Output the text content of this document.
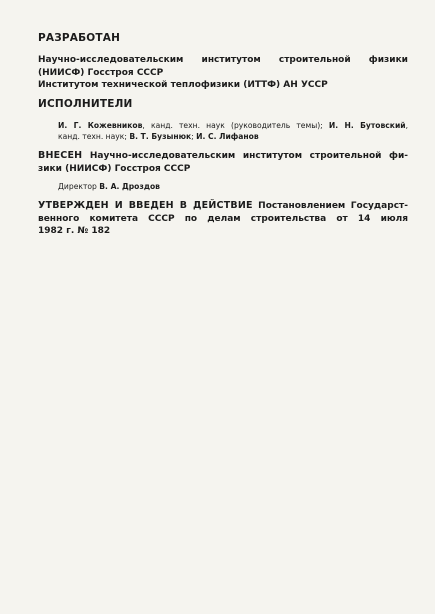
РАЗРАБОТАН
Научно-исследовательским институтом строительной физики
(НИИСФ) Госстроя СССР
Институтом технической теплофизики (ИТТФ) АН УССР
ИСПОЛНИТЕЛИ
И. Г. Кожевников, канд. техн. наук (руководитель темы); И. Н. Бутовский,
канд. техн. наук; В. Т. Бузынюк; И. С. Лифанов
ВНЕСЕН Научно-исследовательским институтом строительной фи-
зики (НИИСФ) Госстроя СССР
Директор В. А. Дроздов
УТВЕРЖДЕН И ВВЕДЕН В ДЕЙСТВИЕ Постановлением Государст-
венного комитета СССР по делам строительства от 14 июля
1982 г. № 182
